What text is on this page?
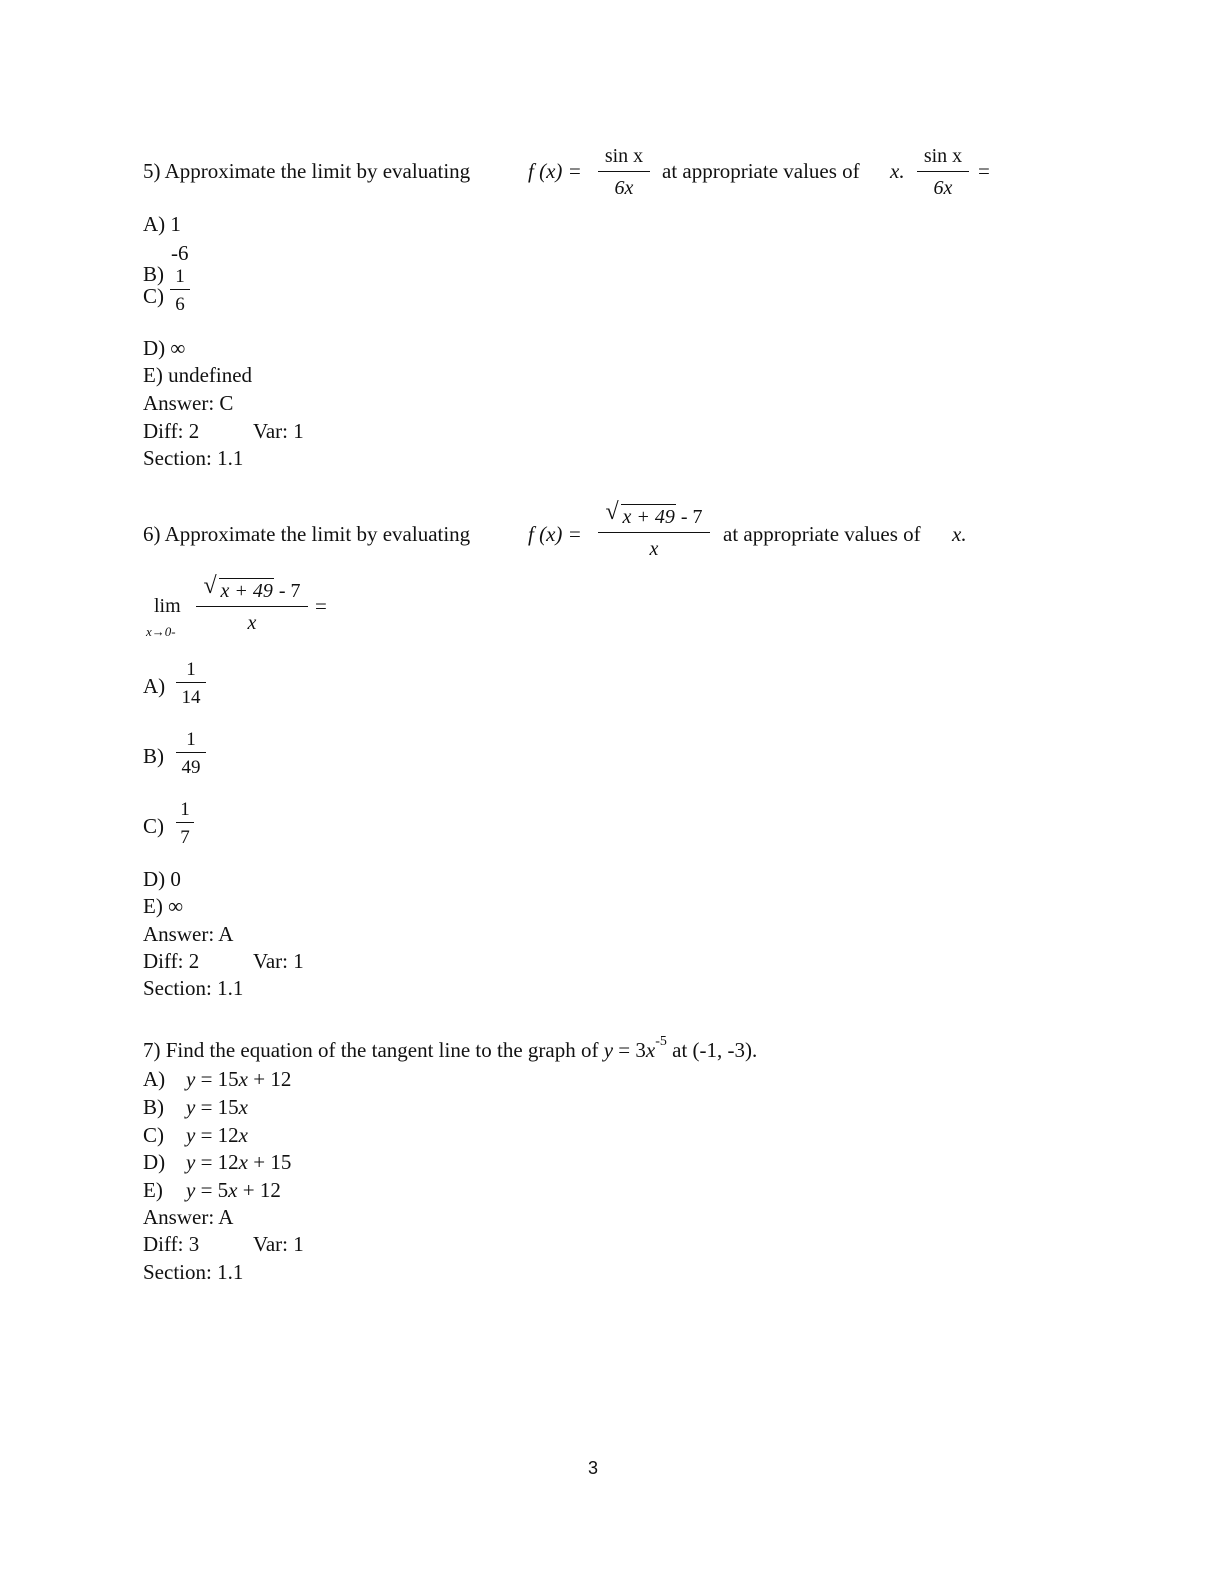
5) Approximate the limit by evaluating	f (x) =
sin x
6x
at appropriate values of x.
sin x
6x
=
A) 1
-6
B)
C)
1
6
D) ∞
E) undefined
Answer: C
Diff: 2	Var: 1
Section: 1.1
6) Approximate the limit by evaluating	f (x) =
√ x + 49 - 7
x
at appropriate values of x.
lim
x→0-
√ x + 49 - 7
x
=
A)
1
14
B)
1
49
C)
1
7
D) 0
E) ∞
Answer: A
Diff: 2	Var: 1
Section: 1.1
7) Find the equation of the tangent line to the graph of $y = 3x^{-5}$ at (-1, -3).
A) y = 15x + 12
B) y = 15x
C) y = 12x
D) y = 12x + 15
E) y = 5x + 12
Answer: A
Diff: 3	Var: 1
Section: 1.1
3
